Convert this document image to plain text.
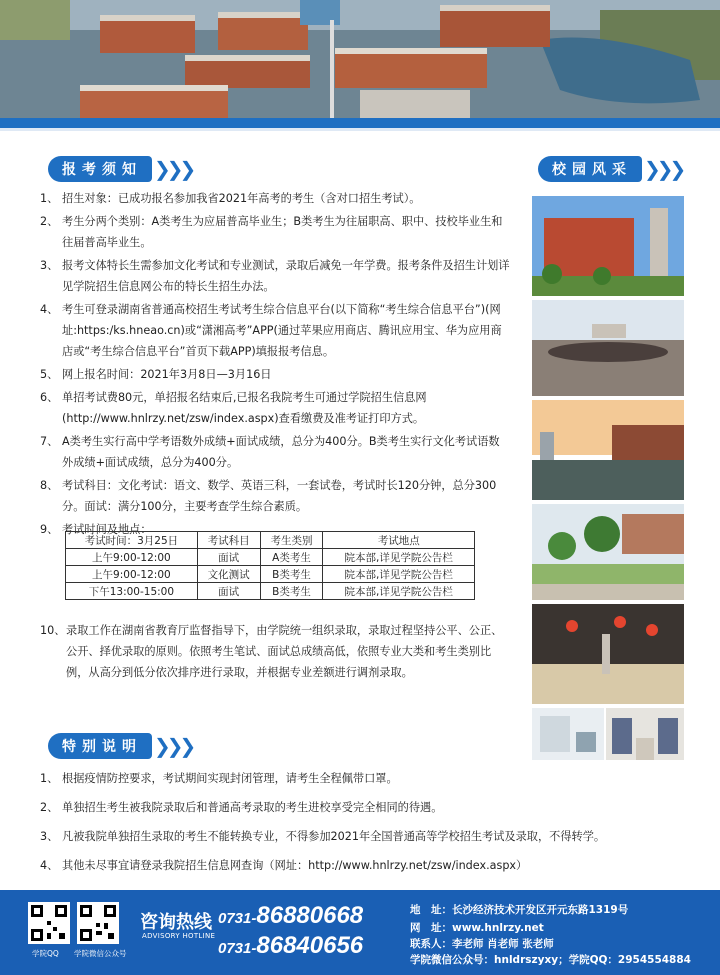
报考须知 ❯❯❯
1、 招生对象：已成功报名参加我省2021年高考的考生（含对口招生考试）。
2、 考生分两个类别：A类考生为应届普高毕业生；B类考生为往届职高、职中、技校毕业生和往届普高毕业生。
3、 报考文体特长生需参加文化考试和专业测试，录取后减免一年学费。报考条件及招生计划详见学院招生信息网公布的特长生招生办法。
4、 考生可登录湖南省普通高校招生考试考生综合信息平台(以下简称“考生综合信息平台”)(网址:https:/ks.hneao.cn)或“潇湘高考”APP(通过苹果应用商店、腾讯应用宝、华为应用商店或“考生综合信息平台”首页下载APP)填报报考信息。
5、 网上报名时间：2021年3月8日—3月16日
6、 单招考试费80元，单招报名结束后,已报名我院考生可通过学院招生信息网(http://www.hnlrzy.net/zsw/index.aspx)查看缴费及准考证打印方式。
7、 A类考生实行高中学考语数外成绩+面试成绩，总分为400分。B类考生实行文化考试语数外成绩+面试成绩，总分为400分。
8、 考试科目：文化考试：语文、数学、英语三科，一套试卷，考试时长120分钟，总分300分。面试：满分100分，主要考查学生综合素质。
9、 考试时间及地点：
考试时间：3月25日	考试科目	考生类别	考试地点
上午9:00-12:00	面试	A类考生	院本部,详见学院公告栏
上午9:00-12:00	文化测试	B类考生	院本部,详见学院公告栏
下午13:00-15:00	面试	B类考生	院本部,详见学院公告栏
10、 录取工作在湖南省教育厅监督指导下，由学院统一组织录取，录取过程坚持公平、公正、公开、择优录取的原则。依照考生笔试、面试总成绩高低，依照专业大类和考生类别比例，从高分到低分依次排序进行录取，并根据专业差额进行调剂录取。
校园风采 ❯❯❯
特别说明 ❯❯❯
1、 根据疫情防控要求，考试期间实现封闭管理，请考生全程佩带口罩。
2、 单独招生考生被我院录取后和普通高考录取的考生进校享受完全相同的待遇。
3、 凡被我院单独招生录取的考生不能转换专业，不得参加2021年全国普通高等学校招生考试及录取，不得转学。
4、 其他未尽事宜请登录我院招生信息网查询（网址：http://www.hnlrzy.net/zsw/index.aspx）
学院QQ 学院微信公众号
咨询热线
ADVISORY HOTLINE
0731-86880668
0731-86840656
地　址：长沙经济技术开发区开元东路1319号
网　址：www.hnlrzy.net
联系人：李老师 肖老师 张老师
学院微信公众号：hnldrszyxy；学院QQ：2954554884
